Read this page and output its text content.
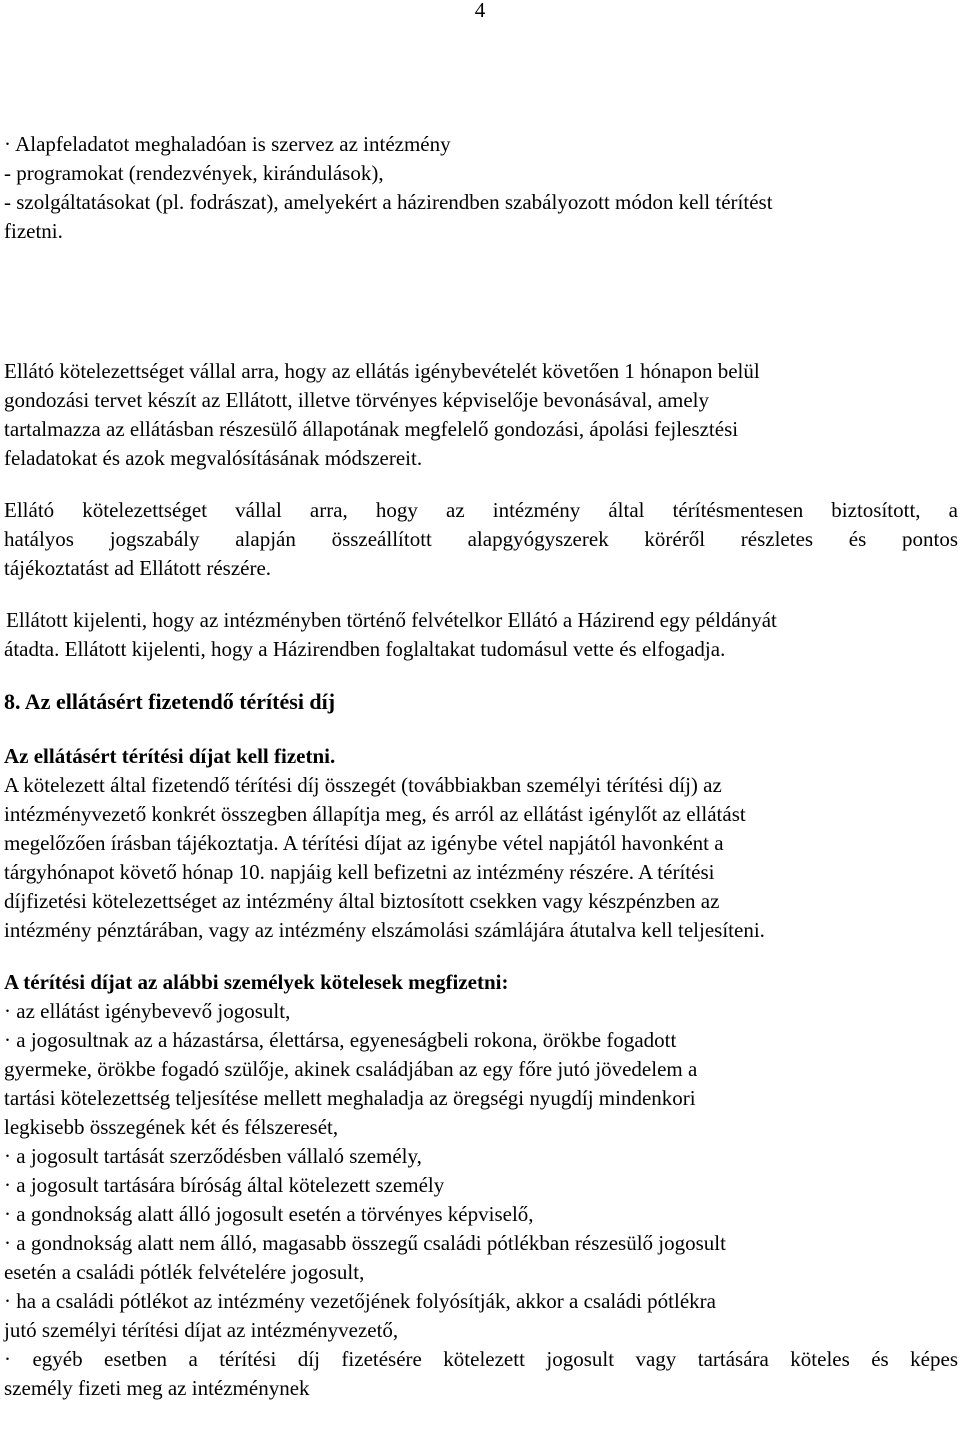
4
· Alapfeladatot meghaladóan is szervez az intézmény
- programokat (rendezvények, kirándulások),
- szolgáltatásokat (pl. fodrászat), amelyekért a házirendben szabályozott módon kell térítést
fizetni.
Ellátó kötelezettséget vállal arra, hogy az ellátás igénybevételét követően 1 hónapon belül
gondozási tervet készít az Ellátott, illetve törvényes képviselője bevonásával, amely
tartalmazza az ellátásban részesülő állapotának megfelelő gondozási, ápolási fejlesztési
feladatokat és azok megvalósításának módszereit.
Ellátó kötelezettséget vállal arra, hogy az intézmény által térítésmentesen biztosított, a
hatályos jogszabály alapján összeállított alapgyógyszerek köréről részletes és pontos
tájékoztatást ad Ellátott részére.
Ellátott kijelenti, hogy az intézményben történő felvételkor Ellátó a Házirend egy példányát
átadta. Ellátott kijelenti, hogy a Házirendben foglaltakat tudomásul vette és elfogadja.
8. Az ellátásért fizetendő térítési díj
Az ellátásért térítési díjat kell fizetni.
A kötelezett által fizetendő térítési díj összegét (továbbiakban személyi térítési díj) az
intézményvezető konkrét összegben állapítja meg, és arról az ellátást igénylőt az ellátást
megelőzően írásban tájékoztatja. A térítési díjat az igénybe vétel napjától havonként a
tárgyhónapot követő hónap 10. napjáig kell befizetni az intézmény részére. A térítési
díjfizetési kötelezettséget az intézmény által biztosított csekken vagy készpénzben az
intézmény pénztárában, vagy az intézmény elszámolási számlájára átutalva kell teljesíteni.
A térítési díjat az alábbi személyek kötelesek megfizetni:
· az ellátást igénybevevő jogosult,
· a jogosultnak az a házastársa, élettársa, egyeneságbeli rokona, örökbe fogadott
gyermeke, örökbe fogadó szülője, akinek családjában az egy főre jutó jövedelem a
tartási kötelezettség teljesítése mellett meghaladja az öregségi nyugdíj mindenkori
legkisebb összegének két és félszeresét,
· a jogosult tartását szerződésben vállaló személy,
· a jogosult tartására bíróság által kötelezett személy
· a gondnokság alatt álló jogosult esetén a törvényes képviselő,
· a gondnokság alatt nem álló, magasabb összegű családi pótlékban részesülő jogosult
esetén a családi pótlék felvételére jogosult,
· ha a családi pótlékot az intézmény vezetőjének folyósítják, akkor a családi pótlékra
jutó személyi térítési díjat az intézményvezető,
· egyéb esetben a térítési díj fizetésére kötelezett jogosult vagy tartására köteles és képes
személy fizeti meg az intézménynek
